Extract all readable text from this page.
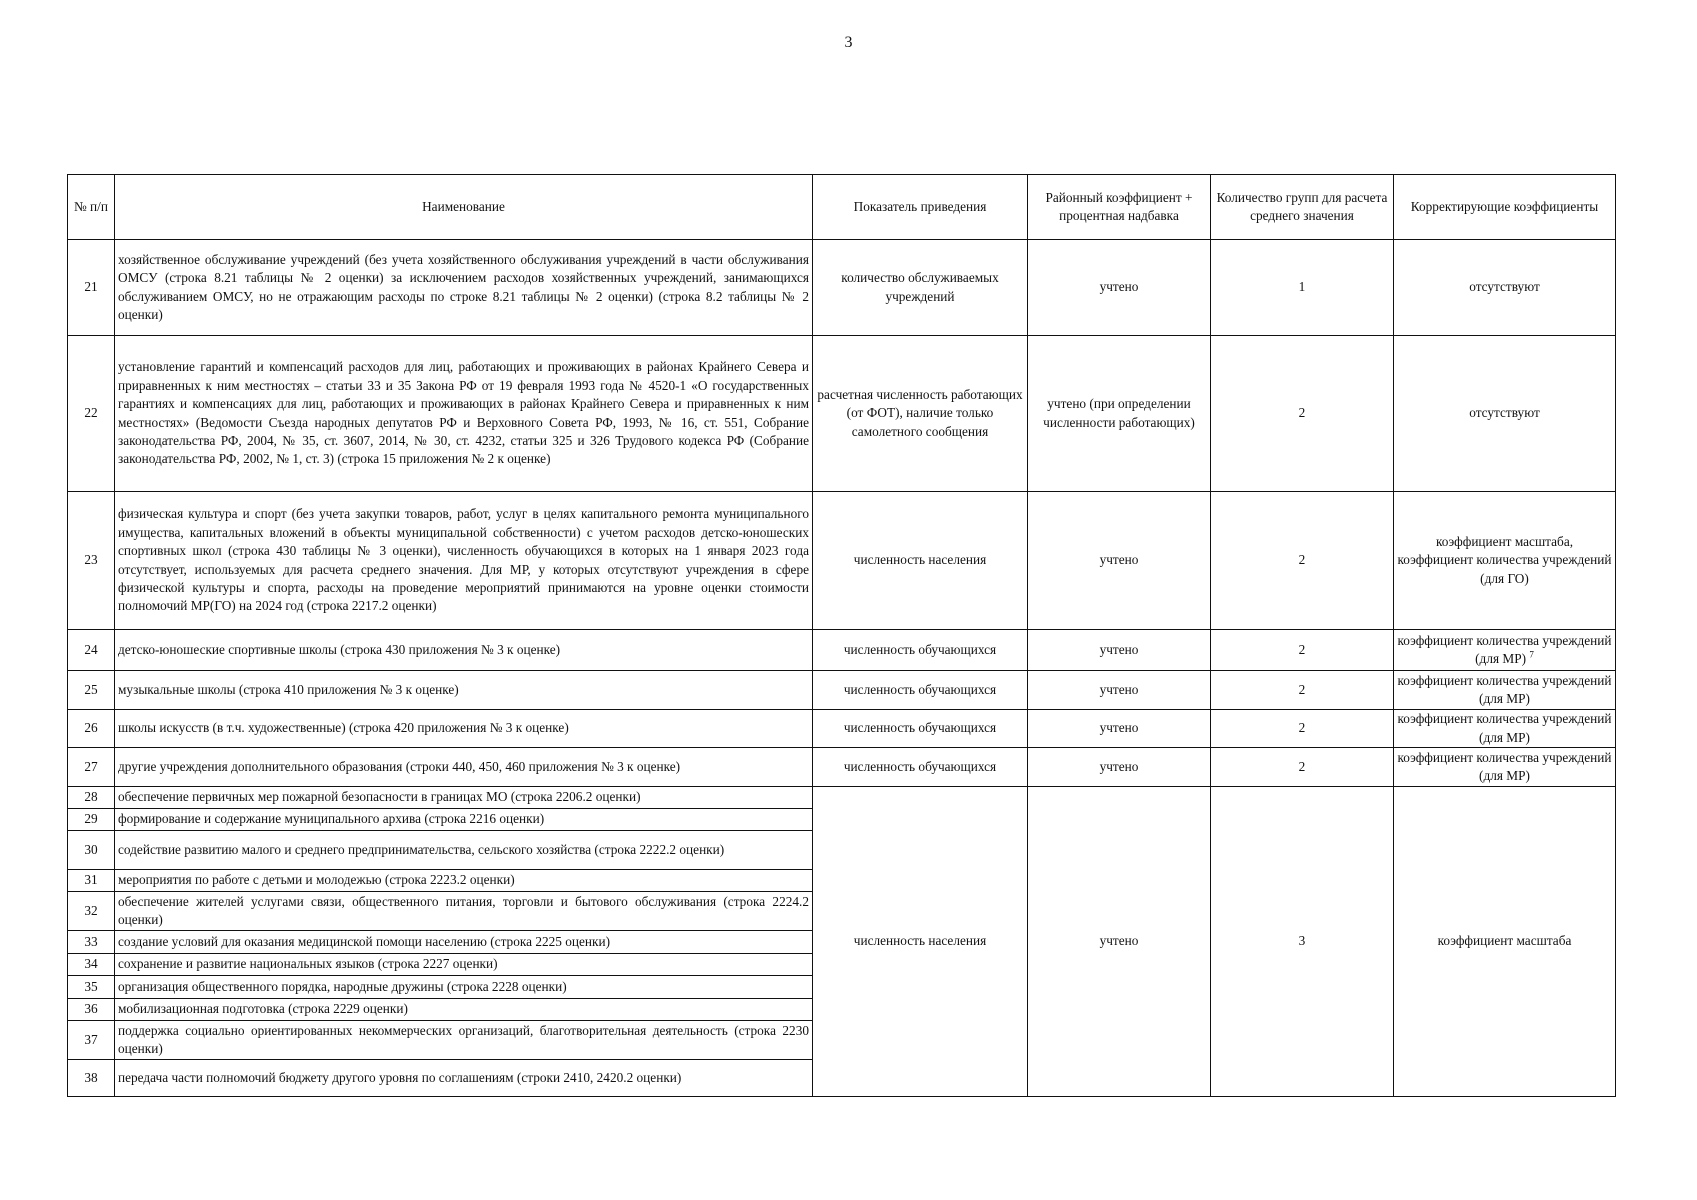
3
№ п/п	Наименование	Показатель приведения	Районный коэффициент + процентная надбавка	Количество групп для расчета среднего значения	Корректирующие коэффициенты
21	хозяйственное обслуживание учреждений (без учета хозяйственного обслуживания учреждений в части обслуживания ОМСУ (строка 8.21 таблицы № 2 оценки) за исключением расходов хозяйственных учреждений, занимающихся обслуживанием ОМСУ, но не отражающим расходы по строке 8.21 таблицы № 2 оценки) (строка 8.2 таблицы № 2 оценки)	количество обслуживаемых учреждений	учтено	1	отсутствуют
22	установление гарантий и компенсаций расходов для лиц, работающих и проживающих в районах Крайнего Севера и приравненных к ним местностях – статьи 33 и 35 Закона РФ от 19 февраля 1993 года № 4520-1 «О государственных гарантиях и компенсациях для лиц, работающих и проживающих в районах Крайнего Севера и приравненных к ним местностях» (Ведомости Съезда народных депутатов РФ и Верховного Совета РФ, 1993, № 16, ст. 551, Собрание законодательства РФ, 2004, № 35, ст. 3607, 2014, № 30, ст. 4232, статьи 325 и 326 Трудового кодекса РФ (Собрание законодательства РФ, 2002, № 1, ст. 3) (строка 15 приложения № 2 к оценке)	расчетная численность работающих (от ФОТ), наличие только самолетного сообщения	учтено (при определении численности работающих)	2	отсутствуют
23	физическая культура и спорт (без учета закупки товаров, работ, услуг в целях капитального ремонта муниципального имущества, капитальных вложений в объекты муниципальной собственности) с учетом расходов детско-юношеских спортивных школ (строка 430 таблицы № 3 оценки), численность обучающихся в которых на 1 января 2023 года отсутствует, используемых для расчета среднего значения. Для МР, у которых отсутствуют учреждения в сфере физической культуры и спорта, расходы на проведение мероприятий принимаются на уровне оценки стоимости полномочий МР(ГО) на 2024 год (строка 2217.2 оценки)	численность населения	учтено	2	коэффициент масштаба, коэффициент количества учреждений (для ГО)
24	детско-юношеские спортивные школы (строка 430 приложения № 3 к оценке)	численность обучающихся	учтено	2	коэффициент количества учреждений (для МР) $^7$
25	музыкальные школы (строка 410 приложения № 3 к оценке)	численность обучающихся	учтено	2	коэффициент количества учреждений (для МР)
26	школы искусств (в т.ч. художественные) (строка 420 приложения № 3 к оценке)	численность обучающихся	учтено	2	коэффициент количества учреждений (для МР)
27	другие учреждения дополнительного образования (строки 440, 450, 460 приложения № 3 к оценке)	численность обучающихся	учтено	2	коэффициент количества учреждений (для МР)
28	обеспечение первичных мер пожарной безопасности в границах МО (строка 2206.2 оценки)	численность населения	учтено	3	коэффициент масштаба
29	формирование и содержание муниципального архива (строка 2216 оценки)				
30	содействие развитию малого и среднего предпринимательства, сельского хозяйства (строка 2222.2 оценки)				
31	мероприятия по работе с детьми и молодежью (строка 2223.2 оценки)				
32	обеспечение жителей услугами связи, общественного питания, торговли и бытового обслуживания (строка 2224.2 оценки)				
33	создание условий для оказания медицинской помощи населению (строка 2225 оценки)				
34	сохранение и развитие национальных языков (строка 2227 оценки)				
35	организация общественного порядка, народные дружины (строка 2228 оценки)				
36	мобилизационная подготовка (строка 2229 оценки)				
37	поддержка социально ориентированных некоммерческих организаций, благотворительная деятельность (строка 2230 оценки)				
38	передача части полномочий бюджету другого уровня по соглашениям (строки 2410, 2420.2 оценки)				
